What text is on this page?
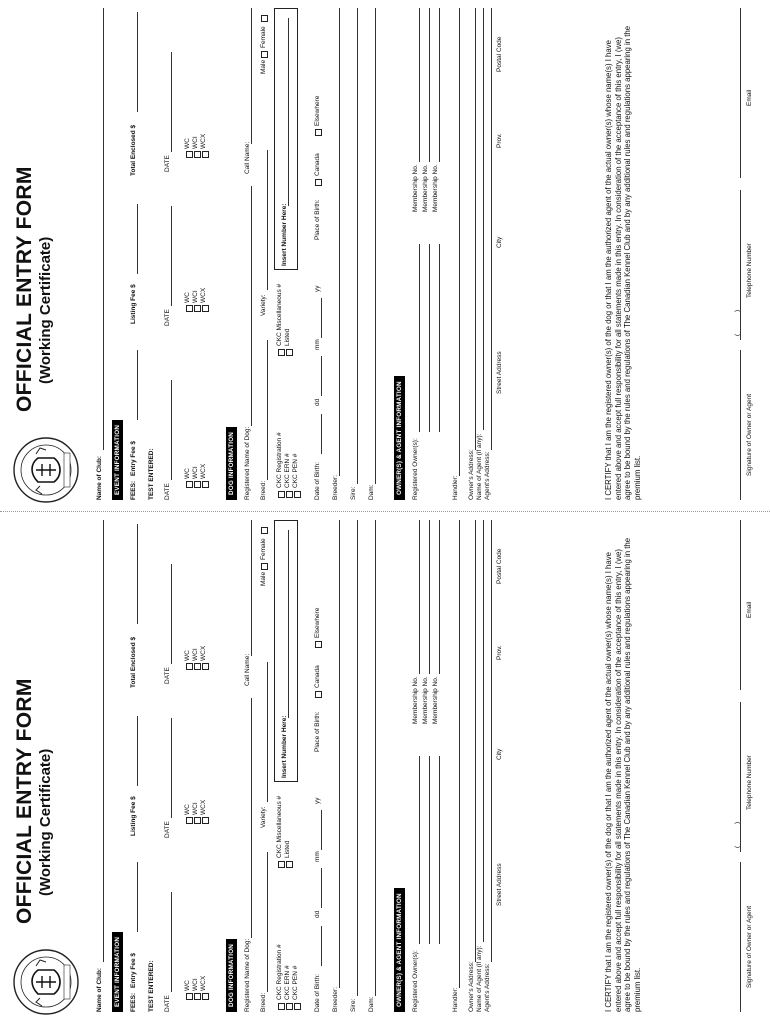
OFFICIAL ENTRY FORM (Working Certificate)
Name of Club:	EVENT INFORMATION	FEES:
Entry Fee $
Listing Fee $
Total Enclosed $
TEST ENTERED: DATE
DATE
DATE
WC WCI WCX
WC WCI WCX
WC WCI WCX
DOG INFORMATION	Registered Name of Dog:
Call Name:
Breed:
Variety:
Male
Female
CKC Registration # CKC ERN # CKC PEN #
CKC Miscellaneous # Listed
Insert Number Here:
Date of Birth:
dd
mm
yy
Place of Birth:
Canada
Elsewhere
Breeder: Sire: Dam:	OWNER(S) & AGENT INFORMATION	Registered Owner(s):
Membership No. Membership No. Membership No.
Handler: Owner's Address: Name of Agent (if any): Agent's Address:
Street Address
City
Prov.
Postal Code	I CERTIFY that I am the registered owner(s) of the dog or that I am the authorized agent of the actual owner(s) whose name(s) I have entered above and accept full responsibility for all statements made in this entry. In consideration of the acceptance of this entry, I (we) agree to be bound by the rules and regulations of The Canadian Kennel Club and by any additional rules and regulations appearing in the premium list.
Signature of Owner or Agent
(
)
Telephone Number
Email
OFFICIAL ENTRY FORM (Working Certificate)
Name of Club:	EVENT INFORMATION	FEES:
Entry Fee $
Listing Fee $
Total Enclosed $
TEST ENTERED: DATE
DATE
DATE
WC WCI WCX
WC WCI WCX
WC WCI WCX
DOG INFORMATION	Registered Name of Dog:
Call Name:
Breed:
Variety:
Male
Female
CKC Registration # CKC ERN # CKC PEN #
CKC Miscellaneous # Listed
Insert Number Here:
Date of Birth:
dd
mm
yy
Place of Birth:
Canada
Elsewhere
Breeder: Sire: Dam:	OWNER(S) & AGENT INFORMATION	Registered Owner(s):
Membership No. Membership No. Membership No.
Handler: Owner's Address: Name of Agent (if any): Agent's Address:
Street Address
City
Prov.
Postal Code	I CERTIFY that I am the registered owner(s) of the dog or that I am the authorized agent of the actual owner(s) whose name(s) I have entered above and accept full responsibility for all statements made in this entry. In consideration of the acceptance of this entry, I (we) agree to be bound by the rules and regulations of The Canadian Kennel Club and by any additional rules and regulations appearing in the premium list.
Signature of Owner or Agent
(
)
Telephone Number
Email
